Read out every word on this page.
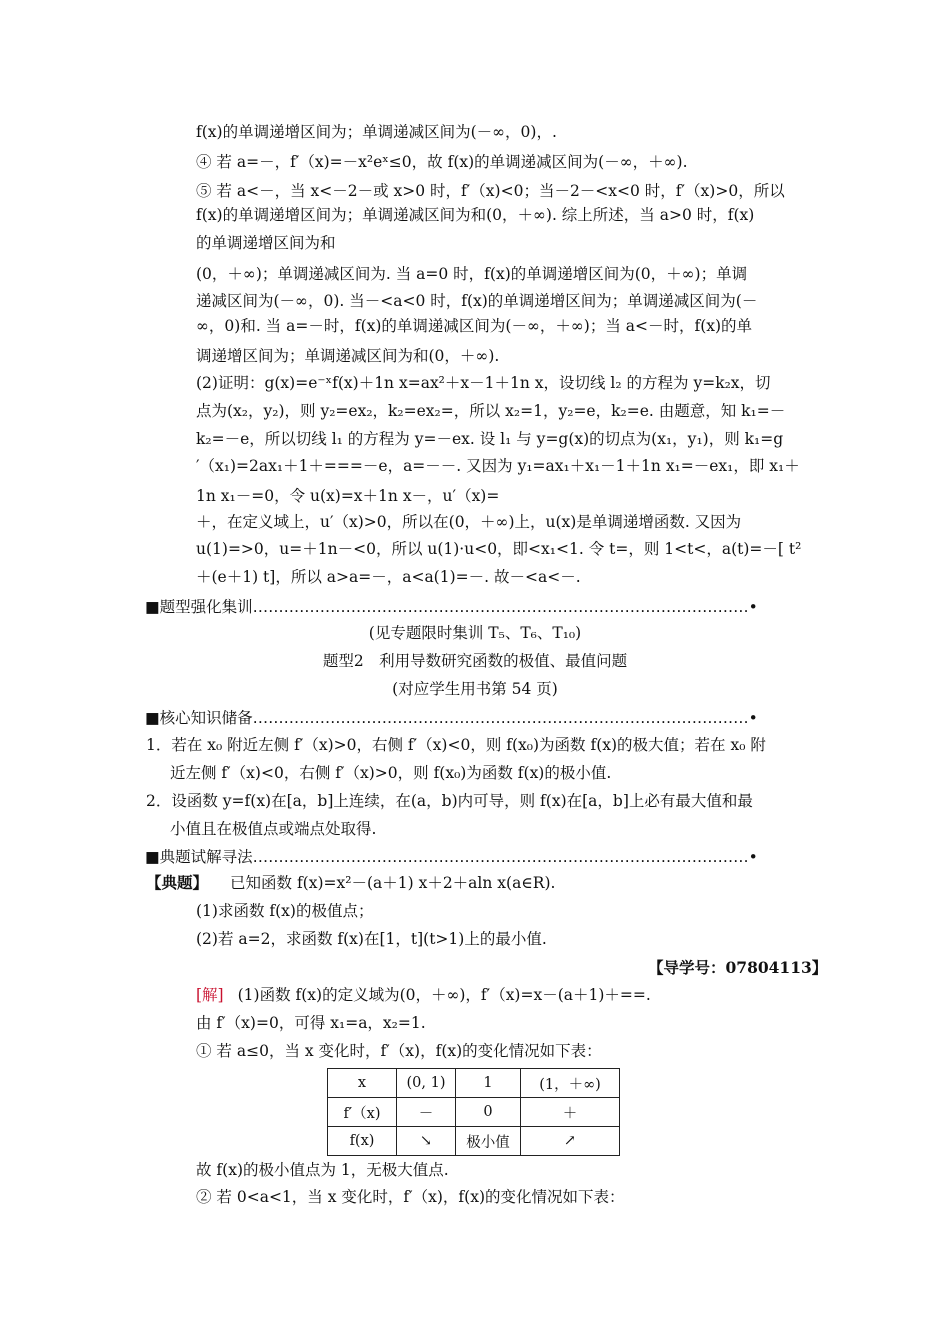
f(x)的单调递增区间为；单调递减区间为(－∞，0)，.
④ 若 a=－，f′（x)=－x²eˣ≤0，故 f(x)的单调递减区间为(－∞，＋∞).
⑤ 若 a<－，当 x<－2－或 x>0 时，f′（x)<0；当－2－<x<0 时，f′（x)>0，所以
f(x)的单调递增区间为；单调递减区间为和(0，＋∞). 综上所述，当 a>0 时，f(x)
的单调递增区间为和
(0，＋∞)；单调递减区间为. 当 a=0 时，f(x)的单调递增区间为(0，＋∞)；单调
递减区间为(－∞，0). 当－<a<0 时，f(x)的单调递增区间为；单调递减区间为(－
∞，0)和. 当 a=－时，f(x)的单调递减区间为(－∞，＋∞)；当 a<－时，f(x)的单
调递增区间为；单调递减区间为和(0，＋∞).
(2)证明：g(x)=e⁻ˣf(x)＋1n x=ax²＋x－1＋1n x，设切线 l₂ 的方程为 y=k₂x，切
点为(x₂，y₂)，则 y₂=ex₂，k₂=ex₂=，所以 x₂=1，y₂=e，k₂=e. 由题意，知 k₁=－
k₂=－e，所以切线 l₁ 的方程为 y=－ex. 设 l₁ 与 y=g(x)的切点为(x₁，y₁)，则 k₁=g
′（x₁)=2ax₁＋1＋===－e，a=－－. 又因为 y₁=ax₁＋x₁－1＋1n x₁=－ex₁，即 x₁＋
1n x₁－=0，令 u(x)=x＋1n x－，u′（x)=
＋，在定义域上，u′（x)>0，所以在(0，＋∞)上，u(x)是单调递增函数. 又因为
u(1)=>0，u=＋1n－<0，所以 u(1)·u<0，即<x₁<1. 令 t=，则 1<t<，a(t)=－[ t²
＋(e＋1) t]，所以 a>a=－，a<a(1)=－. 故－<a<－.
■题型强化集训……………………………………………………………………………………•
(见专题限时集训 T₅、T₆、T₁₀)
题型2　利用导数研究函数的极值、最值问题
(对应学生用书第 54 页)
■核心知识储备……………………………………………………………………………………•
1．若在 x₀ 附近左侧 f′（x)>0，右侧 f′（x)<0，则 f(x₀)为函数 f(x)的极大值；若在 x₀ 附
近左侧 f′（x)<0，右侧 f′（x)>0，则 f(x₀)为函数 f(x)的极小值.
2．设函数 y=f(x)在[a，b]上连续，在(a，b)内可导，则 f(x)在[a，b]上必有最大值和最
小值且在极值点或端点处取得.
■典题试解寻法……………………………………………………………………………………•
【典题】 已知函数 f(x)=x²－(a＋1) x＋2＋aln x(a∈R).
(1)求函数 f(x)的极值点；
(2)若 a=2，求函数 f(x)在[1，t](t>1)上的最小值.
【导学号：07804113】
[解] (1)函数 f(x)的定义域为(0，＋∞)，f′（x)=x－(a＋1)＋==.
由 f′（x)=0，可得 x₁=a，x₂=1.
① 若 a≤0，当 x 变化时，f′（x)，f(x)的变化情况如下表：
x	(0, 1)	1	(1，＋∞)
f′（x)	－	0	＋
f(x)	↘	极小值	↗
故 f(x)的极小值点为 1，无极大值点.
② 若 0<a<1，当 x 变化时，f′（x)，f(x)的变化情况如下表：
